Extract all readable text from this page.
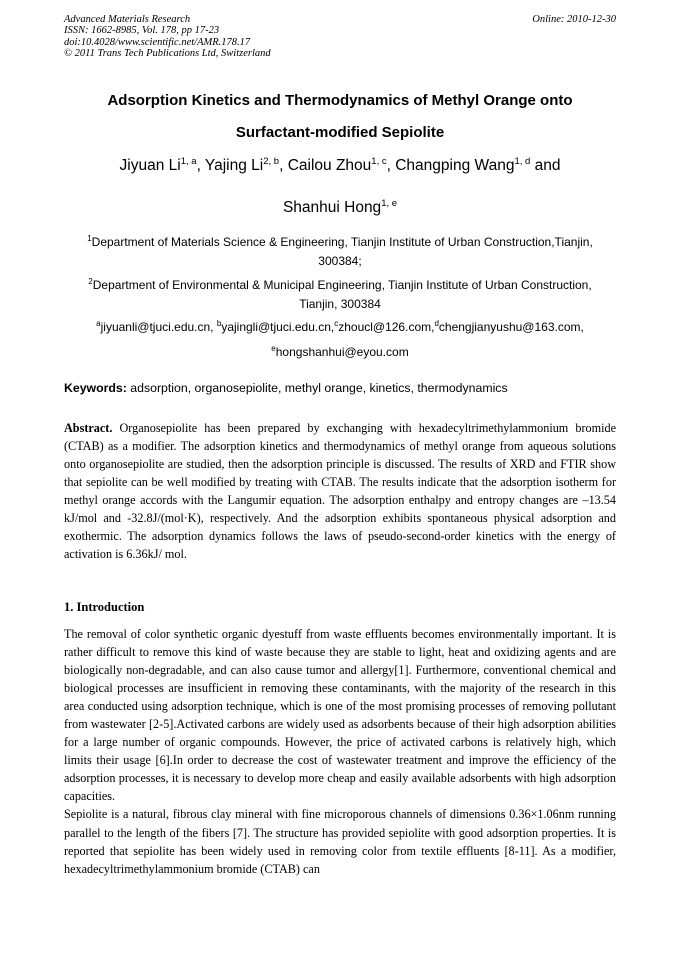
Advanced Materials Research
ISSN: 1662-8985, Vol. 178, pp 17-23
doi:10.4028/www.scientific.net/AMR.178.17
© 2011 Trans Tech Publications Ltd, Switzerland
Online: 2010-12-30
Adsorption Kinetics and Thermodynamics of Methyl Orange onto
Surfactant-modified Sepiolite
Jiyuan Li$^{1, a}$, Yajing Li$^{2, b}$, Cailou Zhou$^{1, c}$, Changping Wang$^{1, d}$ and
Shanhui Hong$^{1, e}$
$^1$Department of Materials Science & Engineering, Tianjin Institute of Urban Construction,Tianjin,
300384;
$^2$Department of Environmental & Municipal Engineering, Tianjin Institute of Urban Construction,
Tianjin, 300384
$^a$jiyuanli@tjuci.edu.cn, $^b$yajingli@tjuci.edu.cn,$^c$zhoucl@126.com,$^d$chengjianyushu@163.com,
$^e$hongshanhui@eyou.com
Keywords: adsorption, organosepiolite, methyl orange, kinetics, thermodynamics
Abstract. Organosepiolite has been prepared by exchanging with hexadecyltrimethylammonium bromide (CTAB) as a modifier. The adsorption kinetics and thermodynamics of methyl orange from aqueous solutions onto organosepiolite are studied, then the adsorption principle is discussed. The results of XRD and FTIR show that sepiolite can be well modified by treating with CTAB. The results indicate that the adsorption isotherm for methyl orange accords with the Langumir equation. The adsorption enthalpy and entropy changes are –13.54 kJ/mol and -32.8J/(mol·K), respectively. And the adsorption exhibits spontaneous physical adsorption and exothermic. The adsorption dynamics follows the laws of pseudo-second-order kinetics with the energy of activation is 6.36kJ/ mol.
1. Introduction
The removal of color synthetic organic dyestuff from waste effluents becomes environmentally important. It is rather difficult to remove this kind of waste because they are stable to light, heat and oxidizing agents and are biologically non-degradable, and can also cause tumor and allergy[1]. Furthermore, conventional chemical and biological processes are insufficient in removing these contaminants, with the majority of the research in this area conducted using adsorption technique, which is one of the most promising processes of removing pollutant from wastewater [2-5].Activated carbons are widely used as adsorbents because of their high adsorption abilities for a large number of organic compounds. However, the price of activated carbons is relatively high, which limits their usage [6].In order to decrease the cost of wastewater treatment and improve the efficiency of the adsorption processes, it is necessary to develop more cheap and easily available adsorbents with high adsorption capacities.
Sepiolite is a natural, fibrous clay mineral with fine microporous channels of dimensions 0.36×1.06nm running parallel to the length of the fibers [7]. The structure has provided sepiolite with good adsorption properties. It is reported that sepiolite has been widely used in removing color from textile effluents [8-11]. As a modifier, hexadecyltrimethylammonium bromide (CTAB) can
